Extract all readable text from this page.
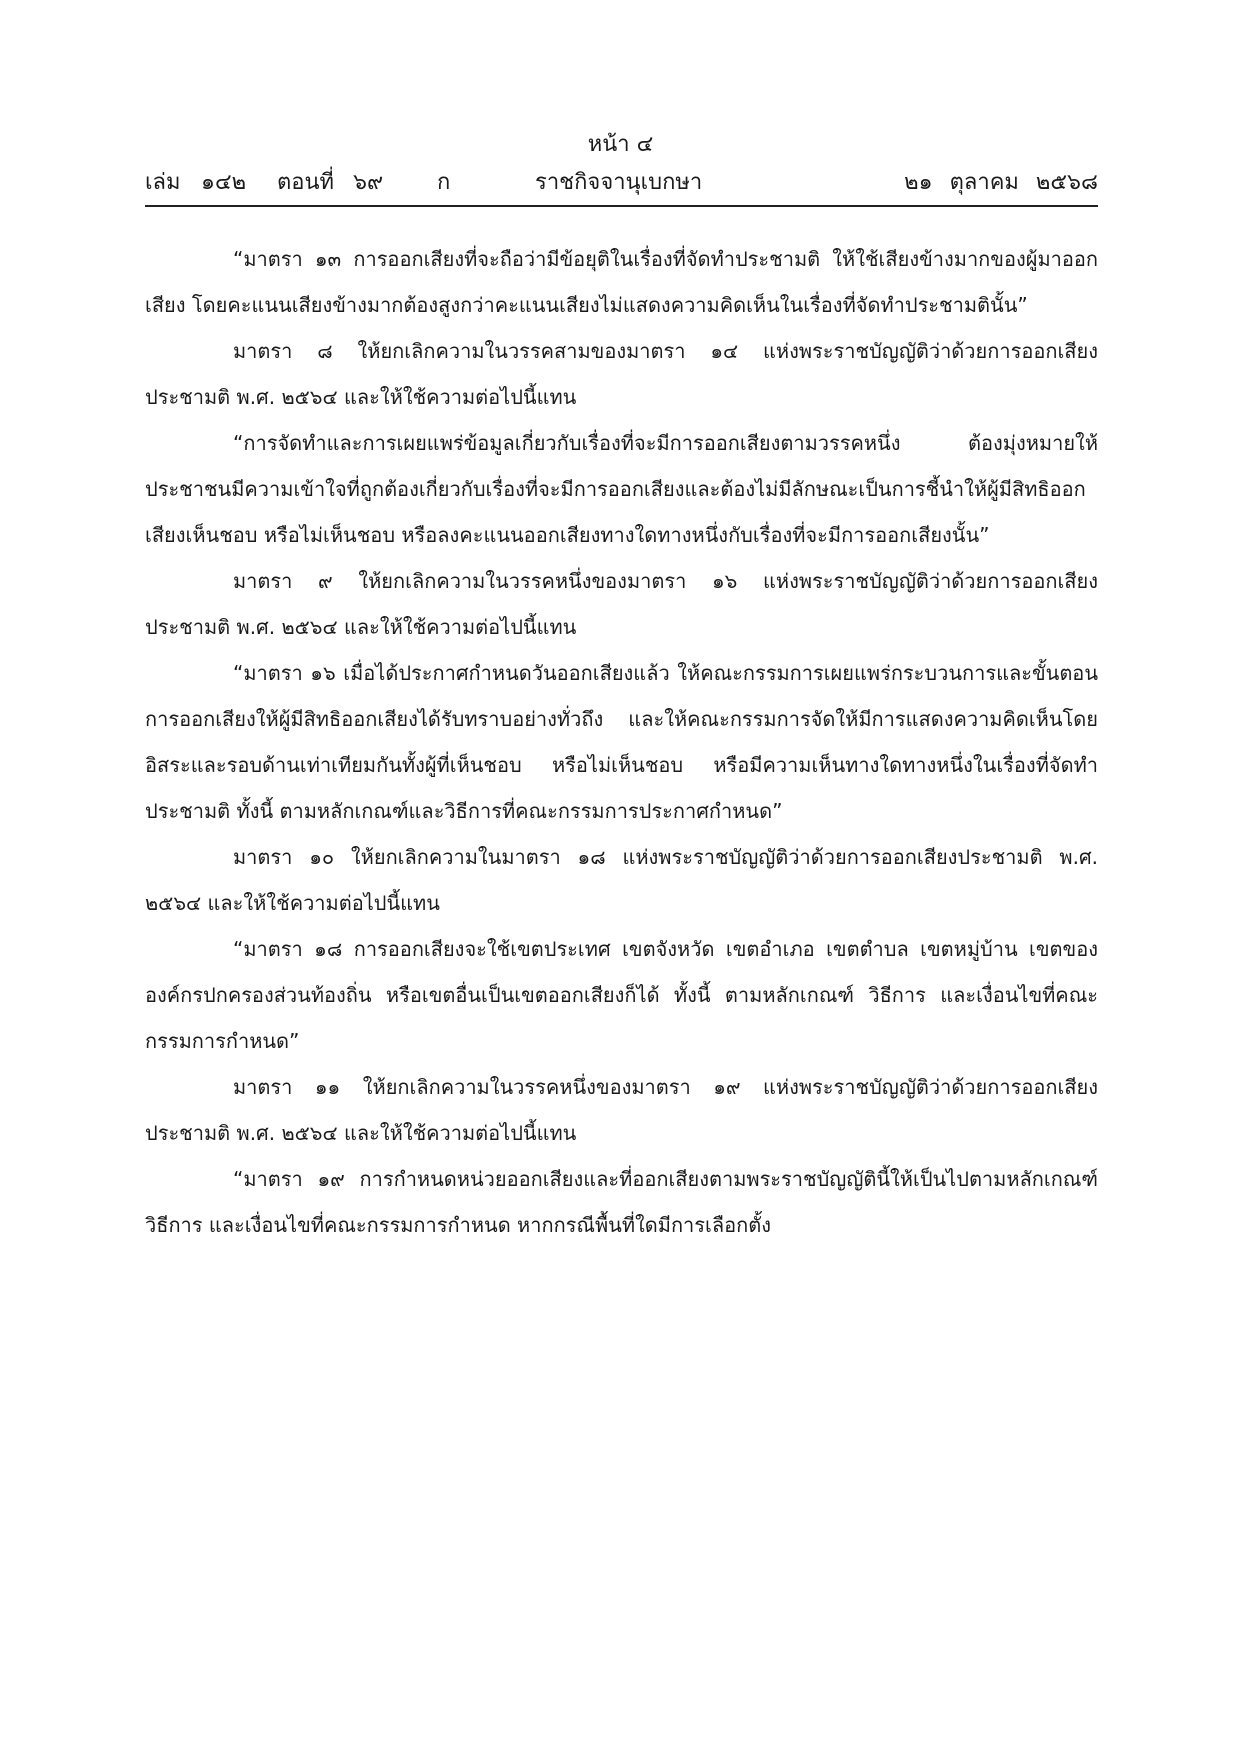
หน้า ๔
เล่ม ๑๔๒ ตอนที่ ๖๙ ก	ราชกิจจานุเบกษา	๒๑ ตุลาคม ๒๕๖๘

“มาตรา ๑๓ การออกเสียงที่จะถือว่ามีข้อยุติในเรื่องที่จัดทำประชามติ ให้ใช้เสียงข้างมากของผู้มาออกเสียง โดยคะแนนเสียงข้างมากต้องสูงกว่าคะแนนเสียงไม่แสดงความคิดเห็นในเรื่องที่จัดทำประชามตินั้น”

มาตรา ๘ ให้ยกเลิกความในวรรคสามของมาตรา ๑๔ แห่งพระราชบัญญัติว่าด้วยการออกเสียงประชามติ พ.ศ. ๒๕๖๔ และให้ใช้ความต่อไปนี้แทน

“การจัดทำและการเผยแพร่ข้อมูลเกี่ยวกับเรื่องที่จะมีการออกเสียงตามวรรคหนึ่ง ต้องมุ่งหมายให้ประชาชนมีความเข้าใจที่ถูกต้องเกี่ยวกับเรื่องที่จะมีการออกเสียงและต้องไม่มีลักษณะเป็นการชี้นำให้ผู้มีสิทธิออกเสียงเห็นชอบ หรือไม่เห็นชอบ หรือลงคะแนนออกเสียงทางใดทางหนึ่งกับเรื่องที่จะมีการออกเสียงนั้น”

มาตรา ๙ ให้ยกเลิกความในวรรคหนึ่งของมาตรา ๑๖ แห่งพระราชบัญญัติว่าด้วยการออกเสียงประชามติ พ.ศ. ๒๕๖๔ และให้ใช้ความต่อไปนี้แทน

“มาตรา ๑๖ เมื่อได้ประกาศกำหนดวันออกเสียงแล้ว ให้คณะกรรมการเผยแพร่กระบวนการและขั้นตอนการออกเสียงให้ผู้มีสิทธิออกเสียงได้รับทราบอย่างทั่วถึง และให้คณะกรรมการจัดให้มีการแสดงความคิดเห็นโดยอิสระและรอบด้านเท่าเทียมกันทั้งผู้ที่เห็นชอบ หรือไม่เห็นชอบ หรือมีความเห็นทางใดทางหนึ่งในเรื่องที่จัดทำประชามติ ทั้งนี้ ตามหลักเกณฑ์และวิธีการที่คณะกรรมการประกาศกำหนด”

มาตรา ๑๐ ให้ยกเลิกความในมาตรา ๑๘ แห่งพระราชบัญญัติว่าด้วยการออกเสียงประชามติ พ.ศ. ๒๕๖๔ และให้ใช้ความต่อไปนี้แทน

“มาตรา ๑๘ การออกเสียงจะใช้เขตประเทศ เขตจังหวัด เขตอำเภอ เขตตำบล เขตหมู่บ้าน เขตขององค์กรปกครองส่วนท้องถิ่น หรือเขตอื่นเป็นเขตออกเสียงก็ได้ ทั้งนี้ ตามหลักเกณฑ์ วิธีการ และเงื่อนไขที่คณะกรรมการกำหนด”

มาตรา ๑๑ ให้ยกเลิกความในวรรคหนึ่งของมาตรา ๑๙ แห่งพระราชบัญญัติว่าด้วยการออกเสียงประชามติ พ.ศ. ๒๕๖๔ และให้ใช้ความต่อไปนี้แทน

“มาตรา ๑๙ การกำหนดหน่วยออกเสียงและที่ออกเสียงตามพระราชบัญญัตินี้ให้เป็นไปตามหลักเกณฑ์ วิธีการ และเงื่อนไขที่คณะกรรมการกำหนด หากกรณีพื้นที่ใดมีการเลือกตั้ง
